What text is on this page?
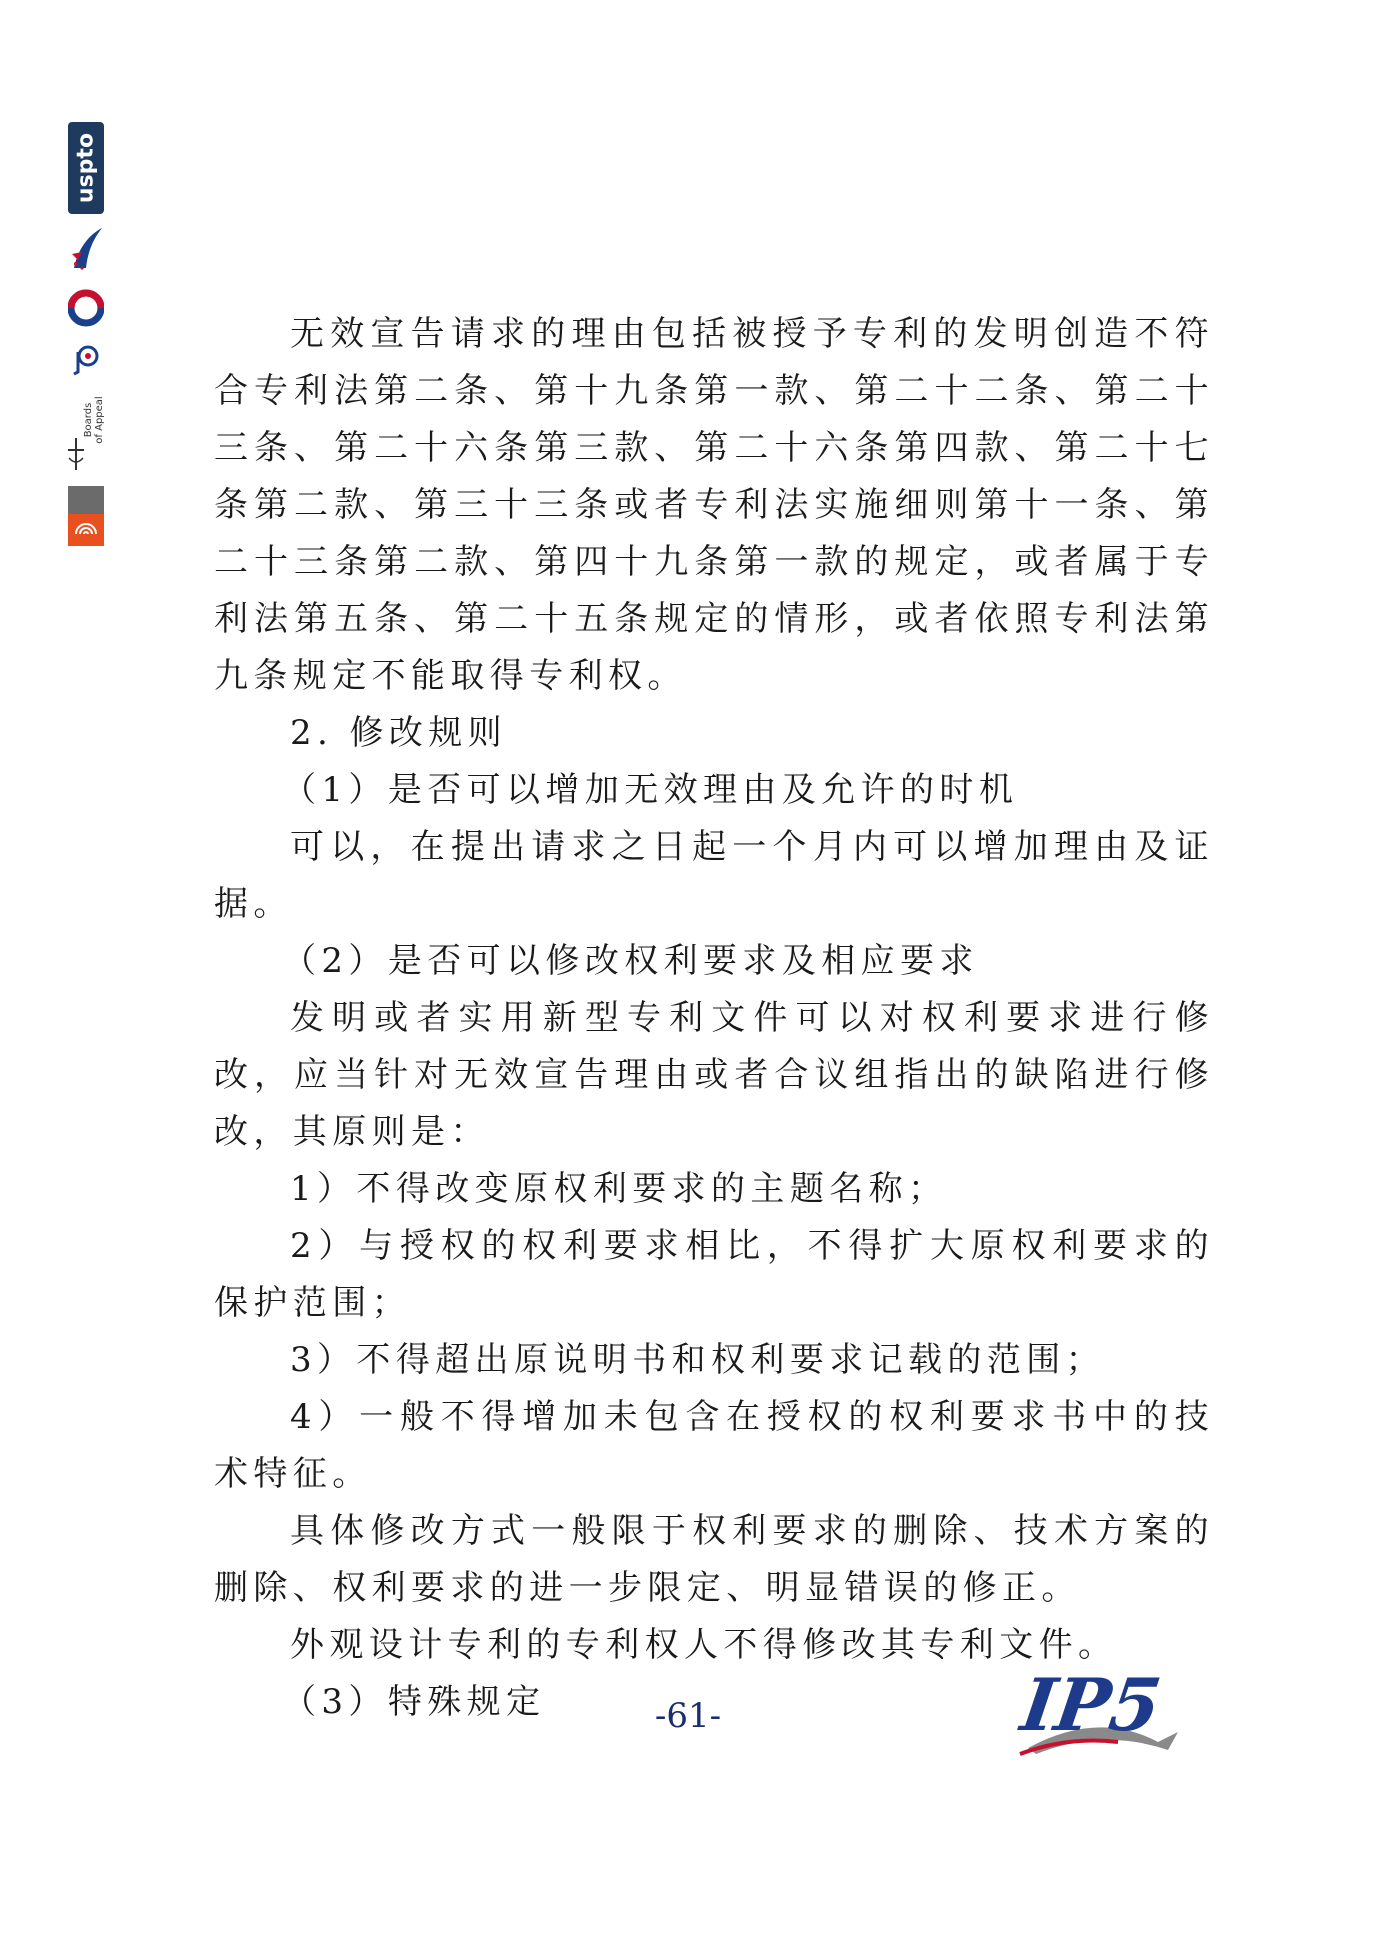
uspto
Boards
of Appeal

无效宣告请求的理由包括被授予专利的发明创造不符合专利法第二条、第十九条第一款、第二十二条、第二十三条、第二十六条第三款、第二十六条第四款、第二十七条第二款、第三十三条或者专利法实施细则第十一条、第二十三条第二款、第四十九条第一款的规定，或者属于专利法第五条、第二十五条规定的情形，或者依照专利法第九条规定不能取得专利权。

2. 修改规则

（1）是否可以增加无效理由及允许的时机

可以，在提出请求之日起一个月内可以增加理由及证据。

（2）是否可以修改权利要求及相应要求

发明或者实用新型专利文件可以对权利要求进行修改，应当针对无效宣告理由或者合议组指出的缺陷进行修改，其原则是：

1）不得改变原权利要求的主题名称；

2）与授权的权利要求相比，不得扩大原权利要求的保护范围；

3）不得超出原说明书和权利要求记载的范围；

4）一般不得增加未包含在授权的权利要求书中的技术特征。

具体修改方式一般限于权利要求的删除、技术方案的删除、权利要求的进一步限定、明显错误的修正。

外观设计专利的专利权人不得修改其专利文件。

（3）特殊规定	-61-	IP5
